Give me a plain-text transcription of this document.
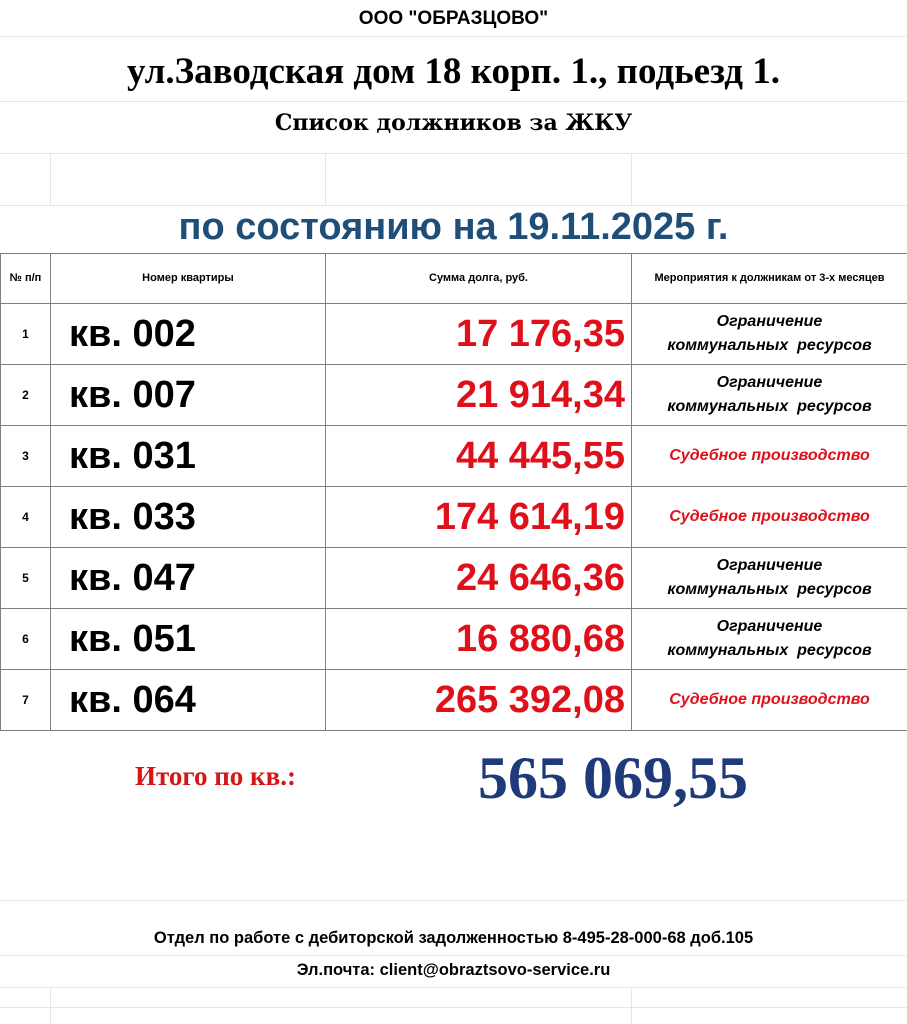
ООО "ОБРАЗЦОВО"
ул.Заводская дом 18 корп. 1., подьезд 1.
Список должников за ЖКУ
по состоянию на 19.11.2025 г.
№ п/п	Номер квартиры	Сумма долга, руб.	Мероприятия к должникам от 3-х месяцев
1	кв. 002	17 176,35	Ограничение
коммунальных  ресурсов

2	кв. 007	21 914,34	Ограничение
коммунальных  ресурсов

3	кв. 031	44 445,55	Судебное производство

4	кв. 033	174 614,19	Судебное производство

5	кв. 047	24 646,36	Ограничение
коммунальных  ресурсов

6	кв. 051	16 880,68	Ограничение
коммунальных  ресурсов

7	кв. 064	265 392,08	Судебное производство
Итого по кв.:	565 069,55
Отдел по работе с дебиторской задолженностью 8-495-28-000-68 доб.105
Эл.почта: client@obraztsovo-service.ru
